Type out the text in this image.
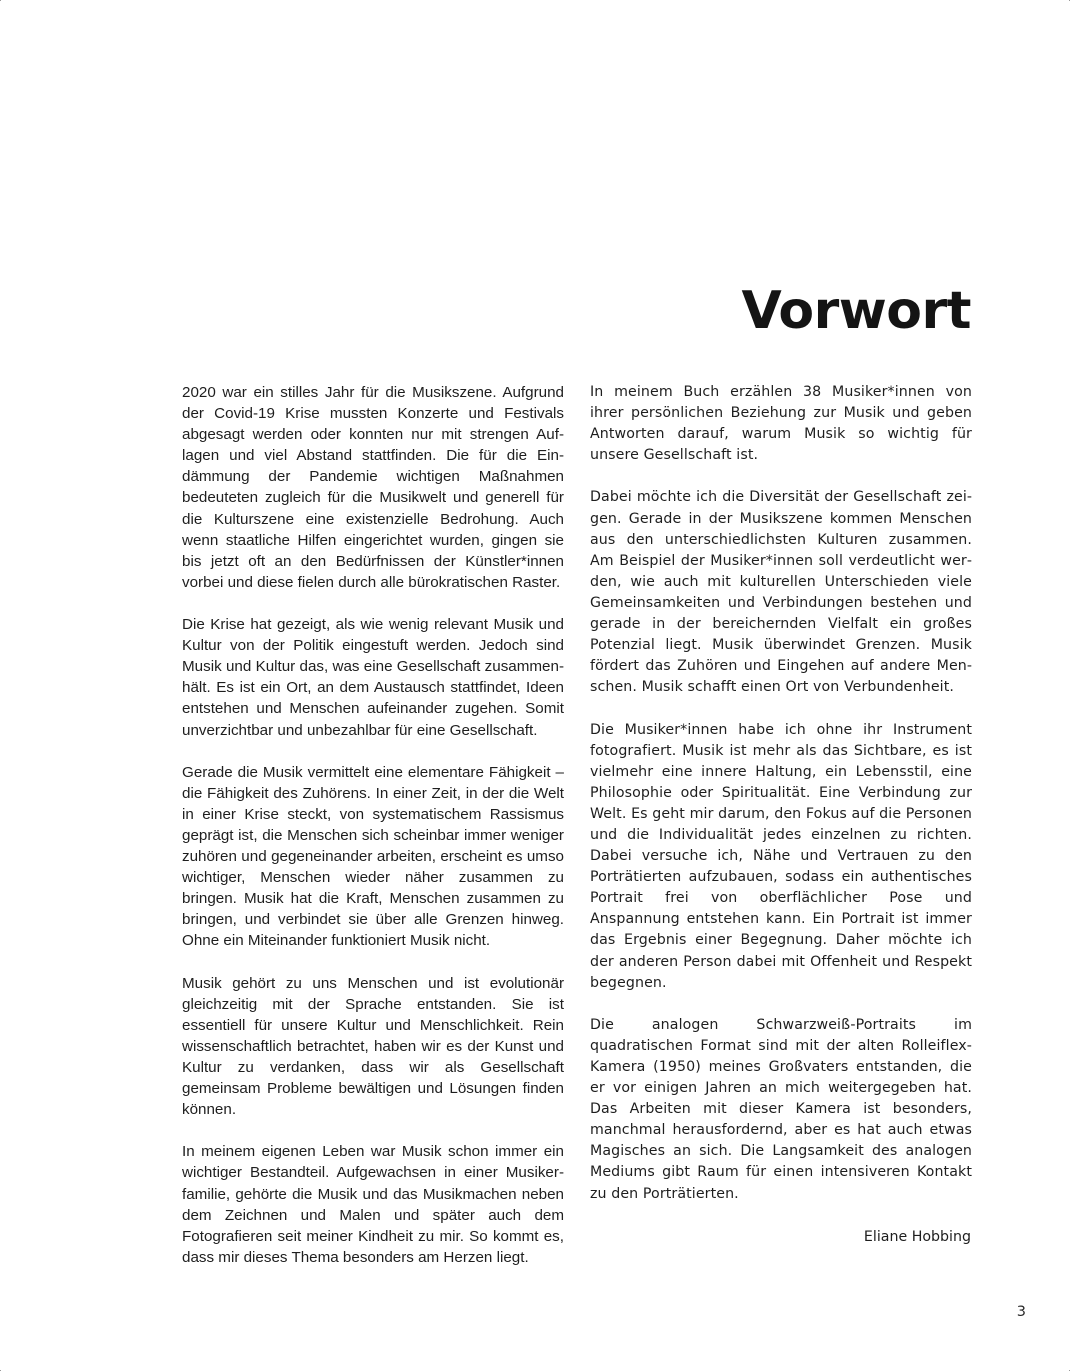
Vorwort

2020 war ein stilles Jahr für die Musikszene. Aufgrund der Covid-19 Krise mussten Konzerte und Festivals abgesagt werden oder konnten nur mit strengen Auflagen und viel Abstand stattfinden. Die für die Eindämmung der Pandemie wichtigen Maßnahmen bedeuteten zugleich für die Musikwelt und generell für die Kulturszene eine existenzielle Bedrohung. Auch wenn staatliche Hilfen eingerichtet wurden, gingen sie bis jetzt oft an den Bedürfnissen der Künstler*innen vorbei und diese fielen durch alle bürokratischen Raster.

Die Krise hat gezeigt, als wie wenig relevant Musik und Kultur von der Politik eingestuft werden. Jedoch sind Musik und Kultur das, was eine Gesellschaft zusammenhält. Es ist ein Ort, an dem Austausch stattfindet, Ideen entstehen und Menschen aufeinander zugehen. Somit unverzichtbar und unbezahlbar für eine Gesellschaft.

Gerade die Musik vermittelt eine elementare Fähigkeit – die Fähigkeit des Zuhörens. In einer Zeit, in der die Welt in einer Krise steckt, von systematischem Rassismus geprägt ist, die Menschen sich scheinbar immer weniger zuhören und gegeneinander arbeiten, erscheint es umso wichtiger, Menschen wieder näher zusammen zu bringen. Musik hat die Kraft, Menschen zusammen zu bringen, und verbindet sie über alle Grenzen hinweg. Ohne ein Miteinander funktioniert Musik nicht.

Musik gehört zu uns Menschen und ist evolutionär gleichzeitig mit der Sprache entstanden. Sie ist essentiell für unsere Kultur und Menschlichkeit. Rein wissenschaftlich betrachtet, haben wir es der Kunst und Kultur zu verdanken, dass wir als Gesellschaft gemeinsam Probleme bewältigen und Lösungen finden können.

In meinem eigenen Leben war Musik schon immer ein wichtiger Bestandteil. Aufgewachsen in einer Musikerfamilie, gehörte die Musik und das Musikmachen neben dem Zeichnen und Malen und später auch dem Fotografieren seit meiner Kindheit zu mir. So kommt es, dass mir dieses Thema besonders am Herzen liegt.

In meinem Buch erzählen 38 Musiker*innen von ihrer persönlichen Beziehung zur Musik und geben Antworten darauf, warum Musik so wichtig für unsere Gesellschaft ist.

Dabei möchte ich die Diversität der Gesellschaft zeigen. Gerade in der Musikszene kommen Menschen aus den unterschiedlichsten Kulturen zusammen. Am Beispiel der Musiker*innen soll verdeutlicht werden, wie auch mit kulturellen Unterschieden viele Gemeinsamkeiten und Verbindungen bestehen und gerade in der bereichernden Vielfalt ein großes Potenzial liegt. Musik überwindet Grenzen. Musik fördert das Zuhören und Eingehen auf andere Menschen. Musik schafft einen Ort von Verbundenheit.

Die Musiker*innen habe ich ohne ihr Instrument fotografiert. Musik ist mehr als das Sichtbare, es ist vielmehr eine innere Haltung, ein Lebensstil, eine Philosophie oder Spiritualität. Eine Verbindung zur Welt. Es geht mir darum, den Fokus auf die Personen und die Individualität jedes einzelnen zu richten. Dabei versuche ich, Nähe und Vertrauen zu den Porträtierten aufzubauen, sodass ein authentisches Portrait frei von oberflächlicher Pose und Anspannung entstehen kann. Ein Portrait ist immer das Ergebnis einer Begegnung. Daher möchte ich der anderen Person dabei mit Offenheit und Respekt begegnen.

Die analogen Schwarzweiß-Portraits im quadratischen Format sind mit der alten Rolleiflex-Kamera (1950) meines Großvaters entstanden, die er vor einigen Jahren an mich weitergegeben hat. Das Arbeiten mit dieser Kamera ist besonders, manchmal herausfordernd, aber es hat auch etwas Magisches an sich. Die Langsamkeit des analogen Mediums gibt Raum für einen intensiveren Kontakt zu den Porträtierten.

Eliane Hobbing
3
